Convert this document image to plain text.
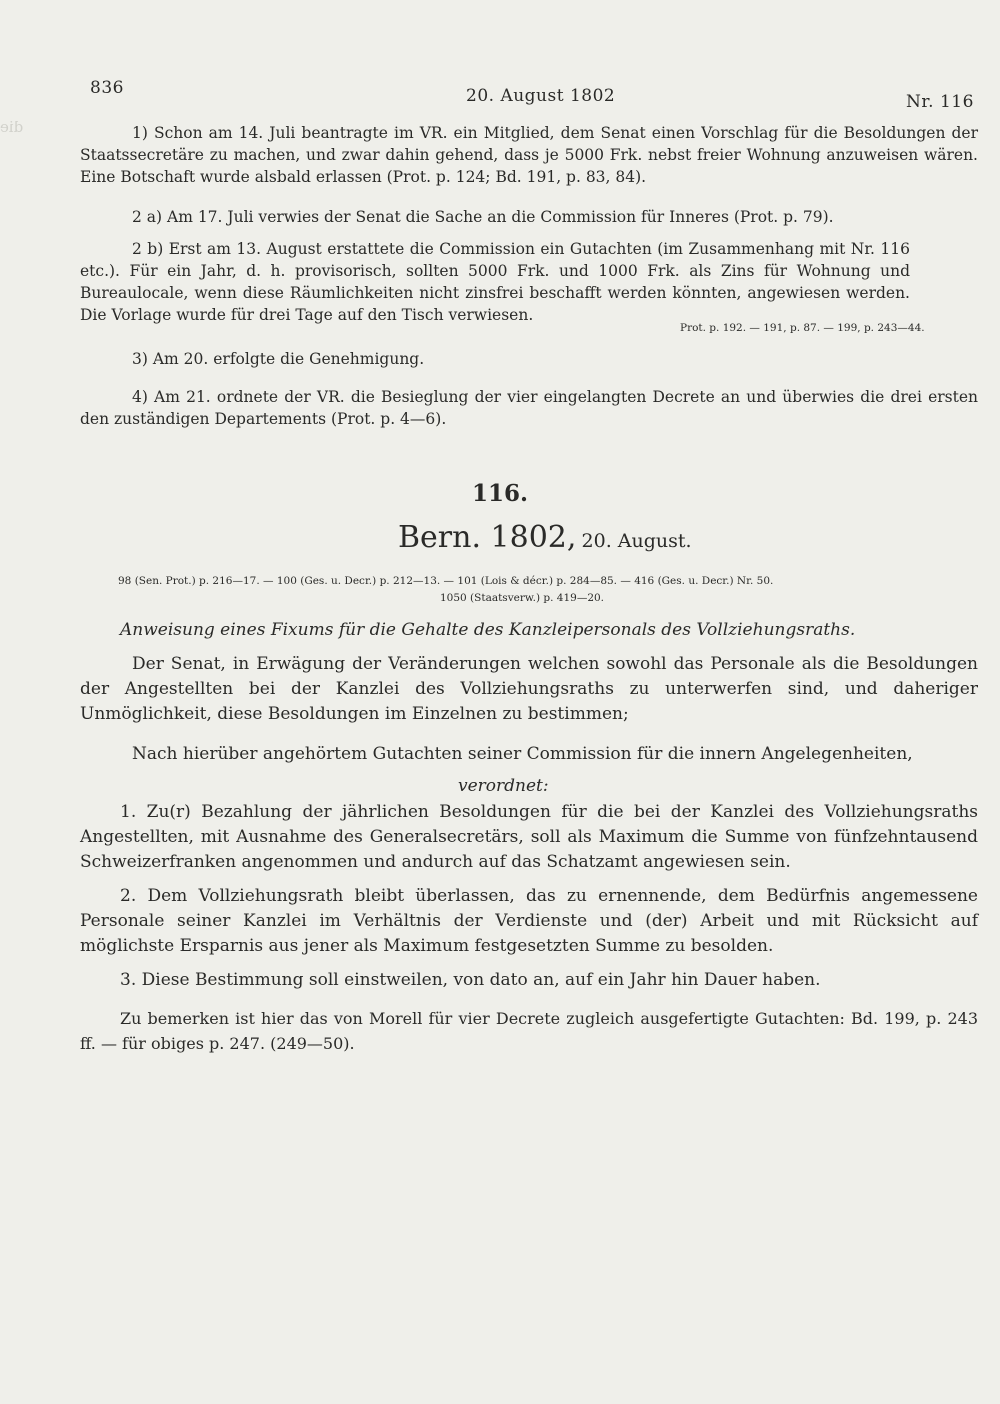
die
836	20. August 1802	Nr. 116
1) Schon am 14. Juli beantragte im VR. ein Mitglied, dem Senat einen Vorschlag für die Besoldungen der Staatssecretäre zu machen, und zwar dahin gehend, dass je 5000 Frk. nebst freier Wohnung anzuweisen wären. Eine Botschaft wurde alsbald erlassen (Prot. p. 124; Bd. 191, p. 83, 84).
2 a) Am 17. Juli verwies der Senat die Sache an die Commission für Inneres (Prot. p. 79).
2 b) Erst am 13. August erstattete die Commission ein Gutachten (im Zusammenhang mit Nr. 116 etc.). Für ein Jahr, d. h. provisorisch, sollten 5000 Frk. und 1000 Frk. als Zins für Wohnung und Bureaulocale, wenn diese Räumlichkeiten nicht zinsfrei beschafft werden könnten, angewiesen werden. Die Vorlage wurde für drei Tage auf den Tisch verwiesen.
Prot. p. 192. — 191, p. 87. — 199, p. 243—44.
3) Am 20. erfolgte die Genehmigung.
4) Am 21. ordnete der VR. die Besieglung der vier eingelangten Decrete an und überwies die drei ersten den zuständigen Departements (Prot. p. 4—6).
116.
Bern. 1802, 20. August.
98 (Sen. Prot.) p. 216—17. — 100 (Ges. u. Decr.) p. 212—13. — 101 (Lois & décr.) p. 284—85. — 416 (Ges. u. Decr.) Nr. 50.
1050 (Staatsverw.) p. 419—20.
Anweisung eines Fixums für die Gehalte des Kanzleipersonals des Vollziehungsraths.
Der Senat, in Erwägung der Veränderungen welchen sowohl das Personale als die Besoldungen der Angestellten bei der Kanzlei des Vollziehungsraths zu unterwerfen sind, und daheriger Unmöglichkeit, diese Besoldungen im Einzelnen zu bestimmen;
Nach hierüber angehörtem Gutachten seiner Commission für die innern Angelegenheiten,
verordnet:
1. Zu(r) Bezahlung der jährlichen Besoldungen für die bei der Kanzlei des Vollziehungsraths Angestellten, mit Ausnahme des Generalsecretärs, soll als Maximum die Summe von fünfzehntausend Schweizerfranken angenommen und andurch auf das Schatzamt angewiesen sein.
2. Dem Vollziehungsrath bleibt überlassen, das zu ernennende, dem Bedürfnis angemessene Personale seiner Kanzlei im Verhältnis der Verdienste und (der) Arbeit und mit Rücksicht auf möglichste Ersparnis aus jener als Maximum festgesetzten Summe zu besolden.
3. Diese Bestimmung soll einstweilen, von dato an, auf ein Jahr hin Dauer haben.
Zu bemerken ist hier das von Morell für vier Decrete zugleich ausgefertigte Gutachten: Bd. 199, p. 243 ff. — für obiges p. 247. (249—50).
